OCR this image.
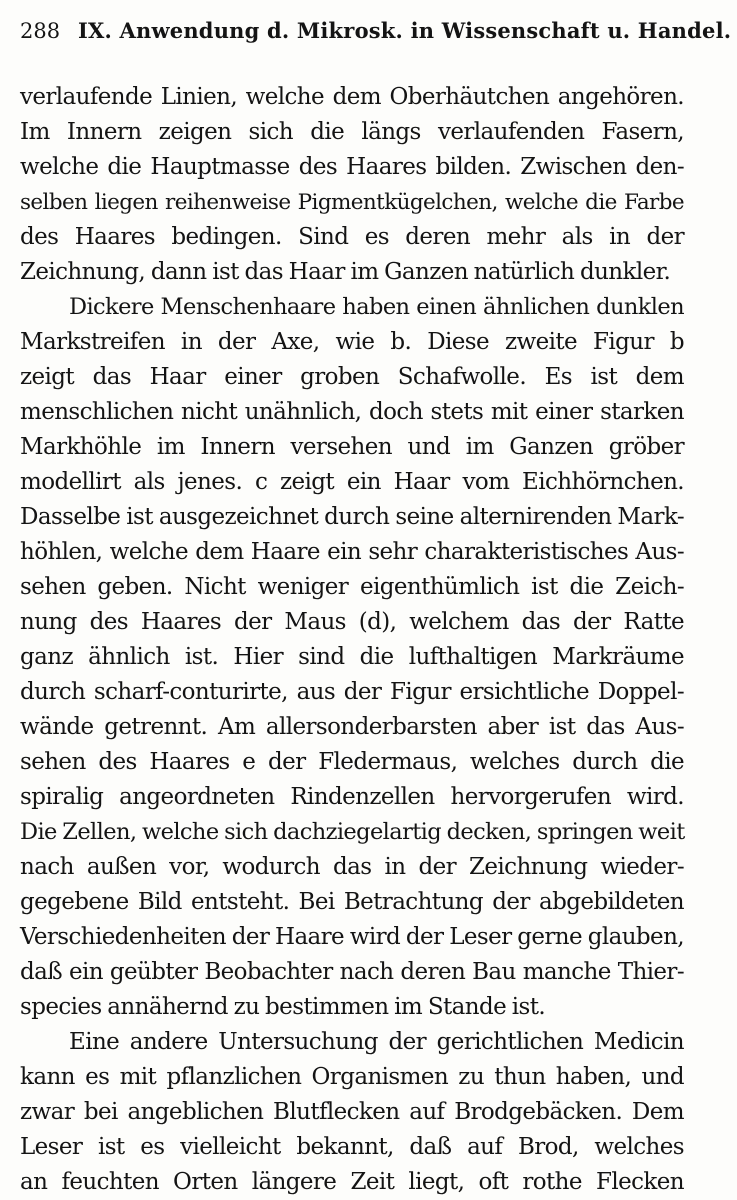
288 IX. Anwendung d. Mikrosk. in Wissenschaft u. Handel.
verlaufende Linien, welche dem Oberhäutchen angehören.
Im Innern zeigen sich die längs verlaufenden Fasern,
welche die Hauptmasse des Haares bilden. Zwischen den-
selben liegen reihenweise Pigmentkügelchen, welche die Farbe
des Haares bedingen. Sind es deren mehr als in der
Zeichnung, dann ist das Haar im Ganzen natürlich dunkler.
Dickere Menschenhaare haben einen ähnlichen dunklen
Markstreifen in der Axe, wie b. Diese zweite Figur b
zeigt das Haar einer groben Schafwolle. Es ist dem
menschlichen nicht unähnlich, doch stets mit einer starken
Markhöhle im Innern versehen und im Ganzen gröber
modellirt als jenes. c zeigt ein Haar vom Eichhörnchen.
Dasselbe ist ausgezeichnet durch seine alternirenden Mark-
höhlen, welche dem Haare ein sehr charakteristisches Aus-
sehen geben. Nicht weniger eigenthümlich ist die Zeich-
nung des Haares der Maus (d), welchem das der Ratte
ganz ähnlich ist. Hier sind die lufthaltigen Markräume
durch scharf-conturirte, aus der Figur ersichtliche Doppel-
wände getrennt. Am allersonderbarsten aber ist das Aus-
sehen des Haares e der Fledermaus, welches durch die
spiralig angeordneten Rindenzellen hervorgerufen wird.
Die Zellen, welche sich dachziegelartig decken, springen weit
nach außen vor, wodurch das in der Zeichnung wieder-
gegebene Bild entsteht. Bei Betrachtung der abgebildeten
Verschiedenheiten der Haare wird der Leser gerne glauben,
daß ein geübter Beobachter nach deren Bau manche Thier-
species annähernd zu bestimmen im Stande ist.
Eine andere Untersuchung der gerichtlichen Medicin
kann es mit pflanzlichen Organismen zu thun haben, und
zwar bei angeblichen Blutflecken auf Brodgebäcken. Dem
Leser ist es vielleicht bekannt, daß auf Brod, welches
an feuchten Orten längere Zeit liegt, oft rothe Flecken
